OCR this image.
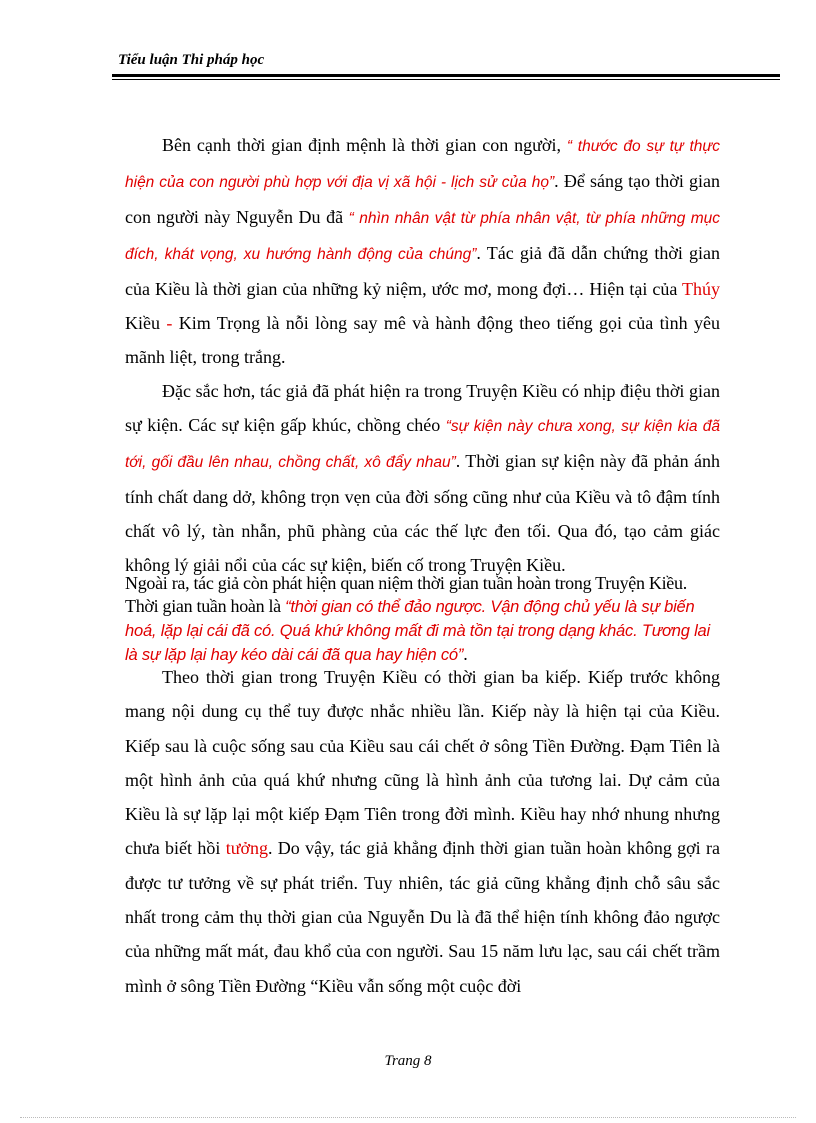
Tiểu luận Thi pháp học

Bên cạnh thời gian định mệnh là thời gian con người, “ thước đo sự tự thực hiện của con người phù hợp với địa vị xã hội - lịch sử của họ”. Để sáng tạo thời gian con người này Nguyễn Du đã “ nhìn nhân vật từ phía nhân vật, từ phía những mục đích, khát vọng, xu hướng hành động của chúng”. Tác giả đã dẫn chứng thời gian của Kiều là thời gian của những kỷ niệm, ước mơ, mong đợi… Hiện tại của Thúy Kiều - Kim Trọng là nỗi lòng say mê và hành động theo tiếng gọi của tình yêu mãnh liệt, trong trắng.

Đặc sắc hơn, tác giả đã phát hiện ra trong Truyện Kiều có nhịp điệu thời gian sự kiện. Các sự kiện gấp khúc, chồng chéo “sự kiện này chưa xong, sự kiện kia đã tới, gối đầu lên nhau, chồng chất, xô đẩy nhau”. Thời gian sự kiện này đã phản ánh tính chất dang dở, không trọn vẹn của đời sống cũng như của Kiều và tô đậm tính chất vô lý, tàn nhẫn, phũ phàng của các thế lực đen tối. Qua đó, tạo cảm giác không lý giải nổi của các sự kiện, biến cố trong Truyện Kiều.

Ngoài ra, tác giả còn phát hiện quan niệm thời gian tuần hoàn trong Truyện Kiều. Thời gian tuần hoàn là “thời gian có thể đảo ngược. Vận động chủ yếu là sự biến hoá, lặp lại cái đã có. Quá khứ không mất đi mà tồn tại trong dạng khác. Tương lai là sự lặp lại hay kéo dài cái đã qua hay hiện có”.

Theo thời gian trong Truyện Kiều có thời gian ba kiếp. Kiếp trước không mang nội dung cụ thể tuy được nhắc nhiều lần. Kiếp này là hiện tại của Kiều. Kiếp sau là cuộc sống sau của Kiều sau cái chết ở sông Tiền Đường. Đạm Tiên là một hình ảnh của quá khứ nhưng cũng là hình ảnh của tương lai. Dự cảm của Kiều là sự lặp lại một kiếp Đạm Tiên trong đời mình. Kiều hay nhớ nhung nhưng chưa biết hồi tưởng. Do vậy, tác giả khẳng định thời gian tuần hoàn không gợi ra được tư tưởng về sự phát triển. Tuy nhiên, tác giả cũng khẳng định chỗ sâu sắc nhất trong cảm thụ thời gian của Nguyễn Du là đã thể hiện tính không đảo ngược của những mất mát, đau khổ của con người. Sau 15 năm lưu lạc, sau cái chết trầm mình ở sông Tiền Đường “Kiều vẫn sống một cuộc đời

Trang 8
